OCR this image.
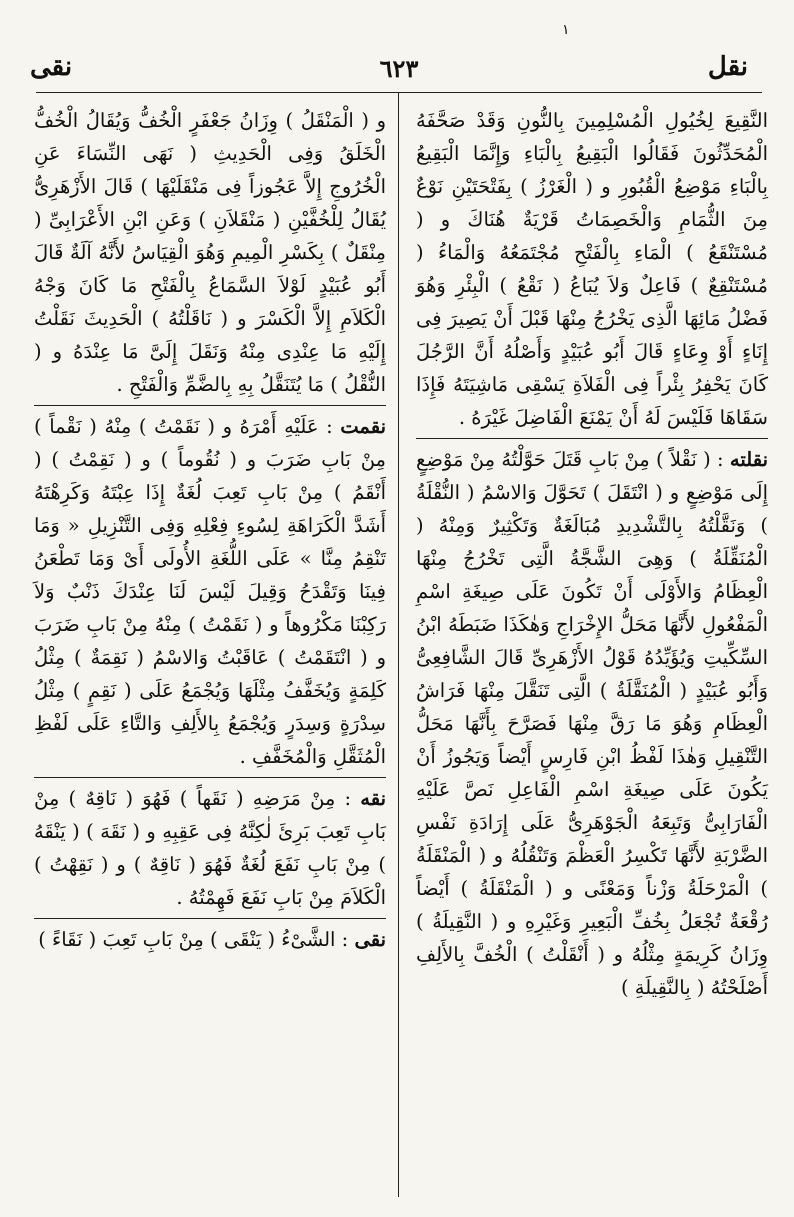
١
نقل
٦٢٣
نقى

النَّقِيعَ لِخُيُولِ الْمُسْلِمِينَ بِالنُّونِ وَقَدْ صَحَّفَهُ الْمُحَدِّثُونَ فَقَالُوا الْبَقِيعُ بِالْبَاءِ وَإِنَّمَا الْبَقِيعُ بِالْبَاءِ مَوْضِعُ الْقُبُورِ و ( الْغَرْزُ ) بِفَتْحَتَيْنِ نَوْعٌ مِنَ الثُّمَامِ وَالْخَصِمَاتُ قَرْيَةٌ هُنَاكَ و ( مُسْتَنْقَعُ ) الْمَاءِ بِالْفَتْحِ مُجْتَمَعُهُ وَالْمَاءُ ( مُسْتَنْقِعٌ ) فَاعِلٌ وَلاَ يُبَاعُ ( نَقْعُ ) الْبِئْرِ وَهُوَ فَضْلُ مَائِهَا الَّذِى يَخْرُجُ مِنْهَا قَبْلَ أَنْ يَصِيرَ فِى إِنَاءٍ أَوْ وِعَاءٍ قَالَ أَبُو عُبَيْدٍ وَأَصْلُهُ أَنَّ الرَّجُلَ كَانَ يَحْفِرُ بِئْراً فِى الْفَلاَةِ يَسْقِى مَاشِيَتَهُ فَإِذَا سَقَاهَا فَلَيْسَ لَهُ أَنْ يَمْنَعَ الْفَاضِلَ غَيْرَهُ .

نقلته : ( نَقْلاً ) مِنْ بَابِ قَتَلَ حَوَّلْتُهُ مِنْ مَوْضِعٍ إِلَى مَوْضِعٍ و ( انْتَقَلَ ) تَحَوَّلَ وَالاسْمُ ( النُّقْلَةُ ) وَنَقَّلْتُهُ بِالتَّشْدِيدِ مُبَالَغَةٌ وَتَكْثِيرٌ وَمِنْهُ ( الْمُنَقِّلَةُ ) وَهِىَ الشَّجَّةُ الَّتِى تَخْرُجُ مِنْهَا الْعِظَامُ وَالأَوْلَى أَنْ تَكُونَ عَلَى صِيغَةِ اسْمِ الْمَفْعُولِ لأَنَّهَا مَحَلُّ الإِخْرَاجِ وَهٰكَذَا ضَبَطَهُ ابْنُ السِّكِّيتِ وَيُؤَيِّدُهُ قَوْلُ الأَزْهَرِىِّ قَالَ الشَّافِعِىُّ وَأَبُو عُبَيْدٍ ( الْمُنَقَّلَةُ ) الَّتِى تَنَقَّلَ مِنْهَا فَرَاشُ الْعِظَامِ وَهُوَ مَا رَقَّ مِنْهَا فَصَرَّحَ بِأَنَّهَا مَحَلُّ التَّنْقِيلِ وَهٰذَا لَفْظُ ابْنِ فَارِسٍ أَيْضاً وَيَجُوزُ أَنْ يَكُونَ عَلَى صِيغَةِ اسْمِ الْفَاعِلِ نَصَّ عَلَيْهِ الْفَارَابِىُّ وَتَبِعَهُ الْجَوْهَرِىُّ عَلَى إِرَادَةِ نَفْسِ الضَّرْبَةِ لأَنَّهَا تَكْسِرُ الْعَظْمَ وَتَنْقُلُهُ و ( الْمَنْقَلَةُ ) الْمَرْحَلَةُ وَزْناً وَمَعْنًى و ( الْمَنْقَلَةُ ) أَيْضاً رُقْعَةٌ تُجْعَلُ بِخُفِّ الْبَعِيرِ وَغَيْرِهِ و ( النَّقِيلَةُ ) وِزَانُ كَرِيمَةٍ مِثْلُهُ و ( أَنْقَلْتُ ) الْخُفَّ بِالأَلِفِ أَصْلَحْتُهُ ( بِالنَّقِيلَةِ )

و ( الْمَنْقَلُ ) وِزَانُ جَعْفَرٍ الْخُفُّ وَيُقَالُ الْخُفُّ الْخَلَقُ وَفِى الْحَدِيثِ ( نَهَى النِّسَاءَ عَنِ الْخُرُوجِ إِلاَّ عَجُوزاً فِى مَنْقَلَيْهَا ) قَالَ الأَزْهَرِىُّ يُقَالُ لِلْخُفَّيْنِ ( مَنْقَلاَنِ ) وَعَنِ ابْنِ الأَعْرَابِىِّ ( مِنْقَلٌ ) بِكَسْرِ الْمِيمِ وَهُوَ الْقِيَاسُ لأَنَّهُ آلَةٌ قَالَ أَبُو عُبَيْدٍ لَوْلاَ السَّمَاعُ بِالْفَتْحِ مَا كَانَ وَجْهُ الْكَلاَمِ إِلاَّ الْكَسْرَ و ( نَاقَلْتُهُ ) الْحَدِيثَ نَقَلْتُ إِلَيْهِ مَا عِنْدِى مِنْهُ وَنَقَلَ إِلَىَّ مَا عِنْدَهُ و ( النُّقْلُ ) مَا يُتَنَقَّلُ بِهِ بِالضَّمِّ وَالْفَتْحِ .

نقمت : عَلَيْهِ أَمْرَهُ و ( نَقَمْتُ ) مِنْهُ ( نَقْماً ) مِنْ بَابِ ضَرَبَ و ( نُقُوماً ) و ( نَقِمْتُ ) ( أَنْقَمُ ) مِنْ بَابِ تَعِبَ لُغَةٌ إِذَا عِبْتَهُ وَكَرِهْتَهُ أَشَدَّ الْكَرَاهَةِ لِسُوءِ فِعْلِهِ وَفِى التَّنْزِيلِ « وَمَا تَنْقِمُ مِنَّا » عَلَى اللُّغَةِ الأُولَى أَىْ وَمَا تَطْعَنُ فِينَا وَتَقْدَحُ وَقِيلَ لَيْسَ لَنَا عِنْدَكَ ذَنْبٌ وَلاَ رَكِبْنَا مَكْرُوهاً و ( نَقَمْتُ ) مِنْهُ مِنْ بَابِ ضَرَبَ و ( انْتَقَمْتُ ) عَاقَبْتُ وَالاسْمُ ( نَقِمَةٌ ) مِثْلُ كَلِمَةٍ وَيُخَفَّفُ مِثْلَهَا وَيُجْمَعُ عَلَى ( نَقِمٍ ) مِثْلُ سِدْرَةٍ وَسِدَرٍ وَيُجْمَعُ بِالأَلِفِ وَالتَّاءِ عَلَى لَفْظِ الْمُثَقَّلِ وَالْمُخَفَّفِ .

نقه : مِنْ مَرَضِهِ ( نَقَهاً ) فَهُوَ ( نَاقِهٌ ) مِنْ بَابِ تَعِبَ بَرِئَ لٰكِنَّهُ فِى عَقِبِهِ و ( نَقَهَ ) ( يَنْقَهُ ) مِنْ بَابِ نَفَعَ لُغَةٌ فَهُوَ ( نَاقِهٌ ) و ( نَقِهْتُ ) الْكَلاَمَ مِنْ بَابِ نَفَعَ فَهِمْتُهُ .

نقى : الشَّىْءُ ( يَنْقَى ) مِنْ بَابِ تَعِبَ ( نَقَاءً )
